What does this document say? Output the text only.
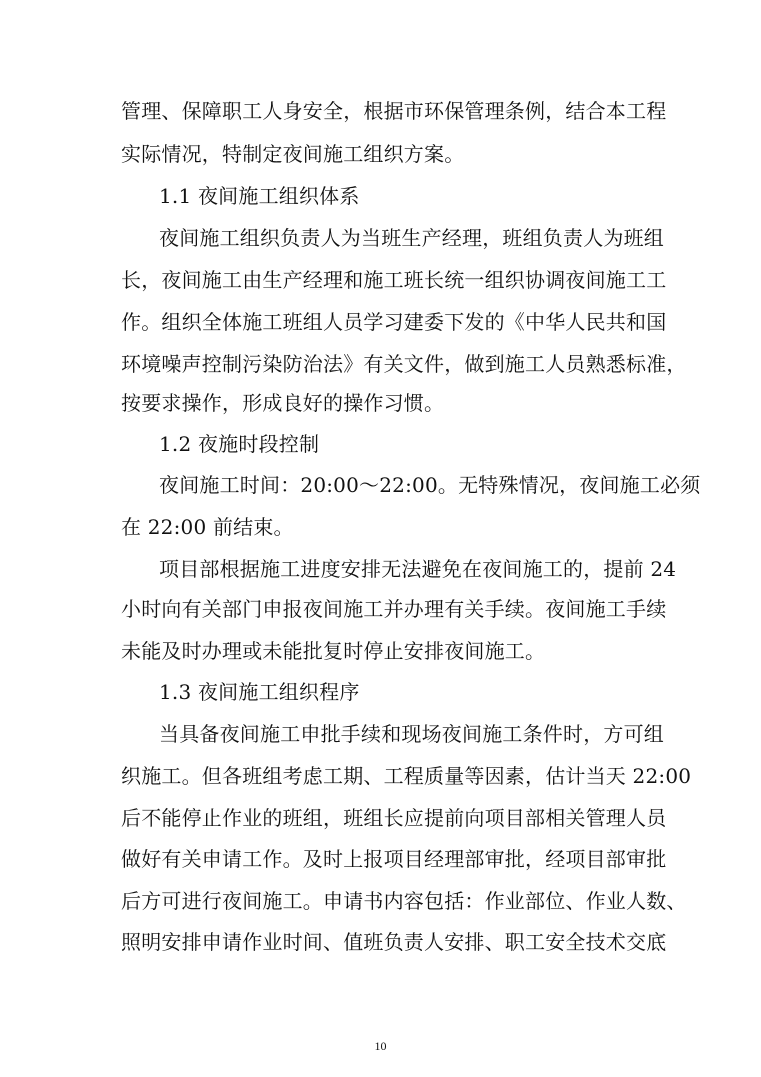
管理、保障职工人身安全，根据市环保管理条例，结合本工程
实际情况，特制定夜间施工组织方案。
1.1 夜间施工组织体系
夜间施工组织负责人为当班生产经理，班组负责人为班组
长，夜间施工由生产经理和施工班长统一组织协调夜间施工工
作。组织全体施工班组人员学习建委下发的《中华人民共和国
环境噪声控制污染防治法》有关文件，做到施工人员熟悉标准，
按要求操作，形成良好的操作习惯。
1.2 夜施时段控制
夜间施工时间：20:00～22:00。无特殊情况，夜间施工必须
在 22:00 前结束。
项目部根据施工进度安排无法避免在夜间施工的，提前 24
小时向有关部门申报夜间施工并办理有关手续。夜间施工手续
未能及时办理或未能批复时停止安排夜间施工。
1.3 夜间施工组织程序
当具备夜间施工申批手续和现场夜间施工条件时，方可组
织施工。但各班组考虑工期、工程质量等因素，估计当天 22:00
后不能停止作业的班组，班组长应提前向项目部相关管理人员
做好有关申请工作。及时上报项目经理部审批，经项目部审批
后方可进行夜间施工。申请书内容包括：作业部位、作业人数、
照明安排申请作业时间、值班负责人安排、职工安全技术交底
10
